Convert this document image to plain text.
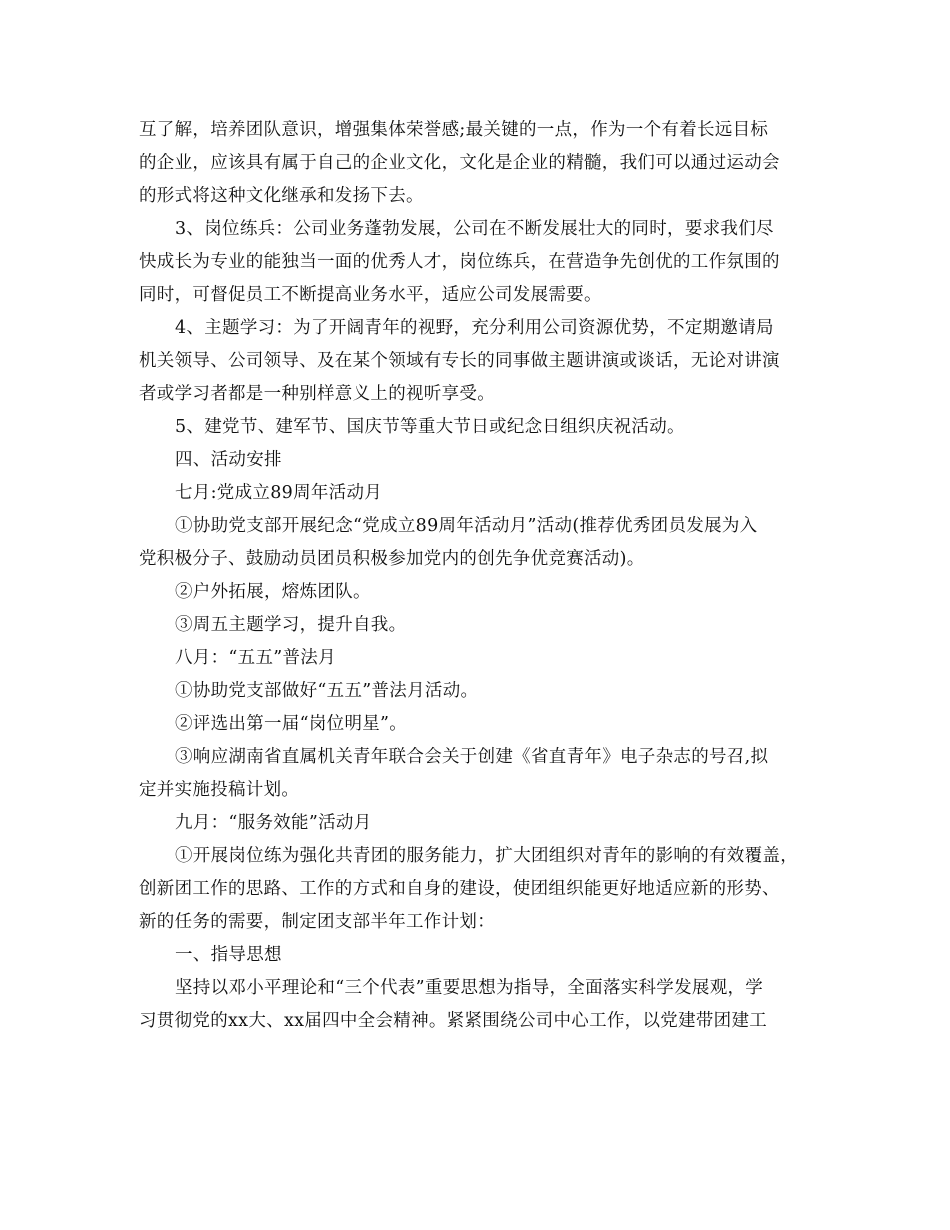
互了解，培养团队意识，增强集体荣誉感;最关键的一点，作为一个有着长远目标
的企业，应该具有属于自己的企业文化，文化是企业的精髓，我们可以通过运动会
的形式将这种文化继承和发扬下去。
3、岗位练兵：公司业务蓬勃发展，公司在不断发展壮大的同时，要求我们尽
快成长为专业的能独当一面的优秀人才，岗位练兵，在营造争先创优的工作氛围的
同时，可督促员工不断提高业务水平，适应公司发展需要。
4、主题学习：为了开阔青年的视野，充分利用公司资源优势，不定期邀请局
机关领导、公司领导、及在某个领域有专长的同事做主题讲演或谈话，无论对讲演
者或学习者都是一种别样意义上的视听享受。
5、建党节、建军节、国庆节等重大节日或纪念日组织庆祝活动。
四、活动安排
七月:党成立89周年活动月
①协助党支部开展纪念“党成立89周年活动月”活动(推荐优秀团员发展为入
党积极分子、鼓励动员团员积极参加党内的创先争优竞赛活动)。
②户外拓展，熔炼团队。
③周五主题学习，提升自我。
八月：“五五”普法月
①协助党支部做好“五五”普法月活动。
②评选出第一届“岗位明星”。
③响应湖南省直属机关青年联合会关于创建《省直青年》电子杂志的号召,拟
定并实施投稿计划。
九月：“服务效能”活动月
①开展岗位练为强化共青团的服务能力，扩大团组织对青年的影响的有效覆盖，
创新团工作的思路、工作的方式和自身的建设，使团组织能更好地适应新的形势、
新的任务的需要，制定团支部半年工作计划：
一、指导思想
坚持以邓小平理论和“三个代表”重要思想为指导，全面落实科学发展观，学
习贯彻党的xx大、xx届四中全会精神。紧紧围绕公司中心工作，以党建带团建工
